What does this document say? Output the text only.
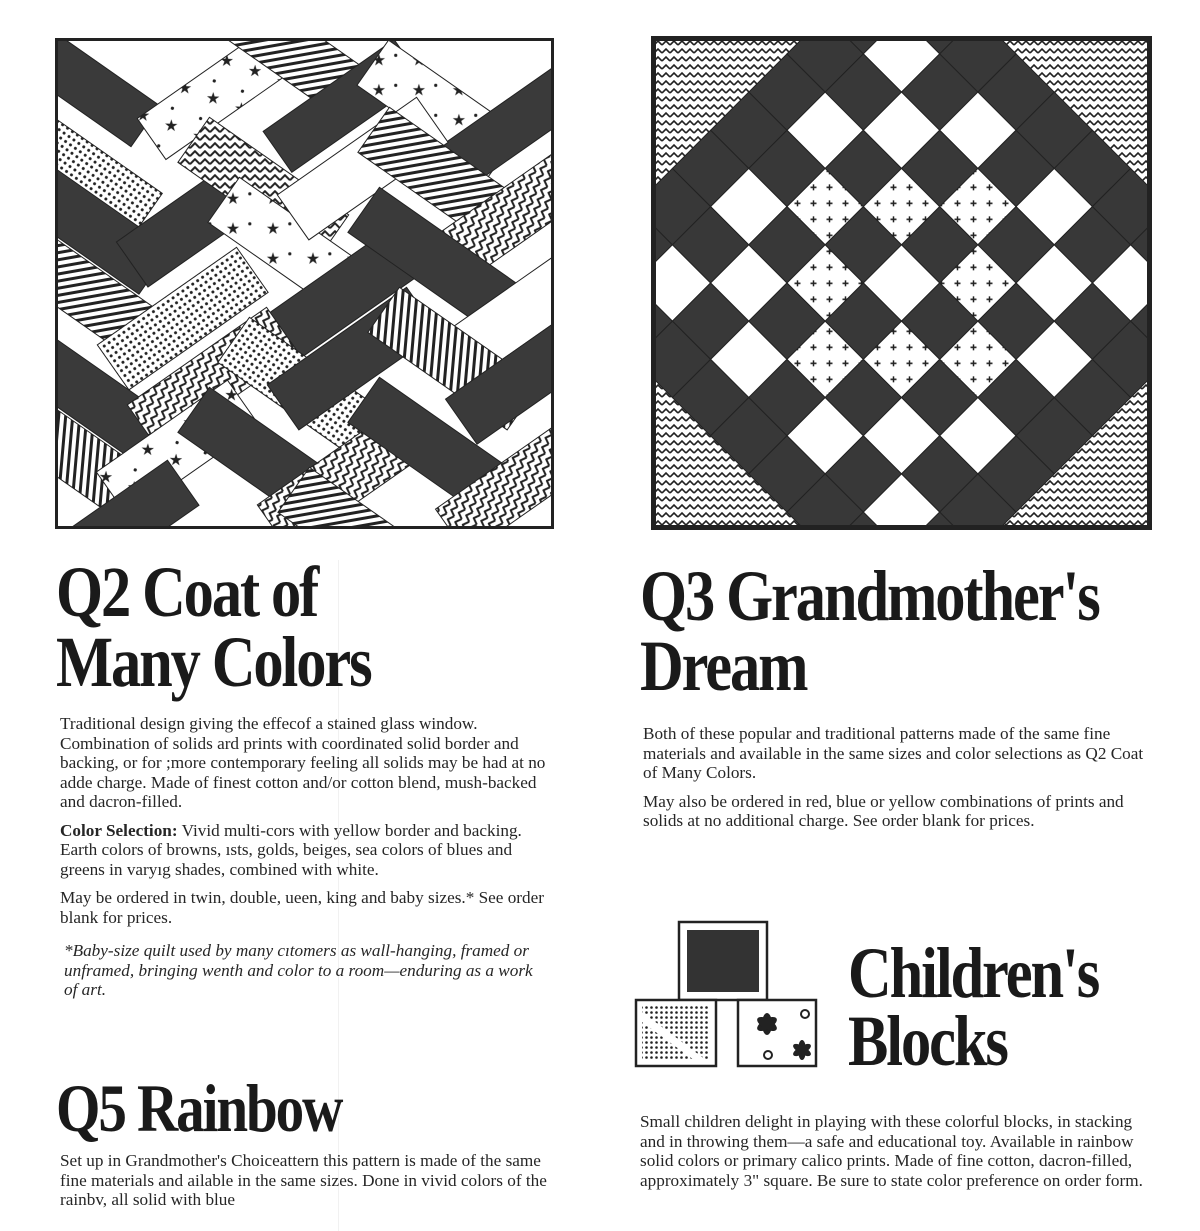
Q2 Coat of
Many Colors

Traditional design giving the effecof a stained glass window. Combination of solids ard prints with coordinated solid border and backing, or for ;more contemporary feeling all solids may be had at no adde charge. Made of finest cotton and/or cotton blend, mush-backed and dacron-filled.

Color Selection: Vivid multi-cors with yellow border and backing. Earth colors of browns, ısts, golds, beiges, sea colors of blues and greens in varyıg shades, combined with white.

May be ordered in twin, double, ueen, king and baby sizes.* See order blank for prices.

*Baby-size quilt used by many cıtomers as wall-hanging, framed or unframed, bringing wenth and color to a room—enduring as a work of art.

Q5 Rainbow

Set up in Grandmother's Choiceattern this pattern is made of the same fine materials and ailable in the same sizes. Done in vivid colors of the rainbv, all solid with blue

Q3 Grandmother's
Dream

Both of these popular and traditional patterns made of the same fine materials and available in the same sizes and color selections as Q2 Coat of Many Colors.

May also be ordered in red, blue or yellow combinations of prints and solids at no additional charge. See order blank for prices.

Children's
Blocks

Small children delight in playing with these colorful blocks, in stacking and in throwing them—a safe and educational toy. Available in rainbow solid colors or primary calico prints. Made of fine cotton, dacron-filled, approximately 3" square. Be sure to state color preference on order form.
